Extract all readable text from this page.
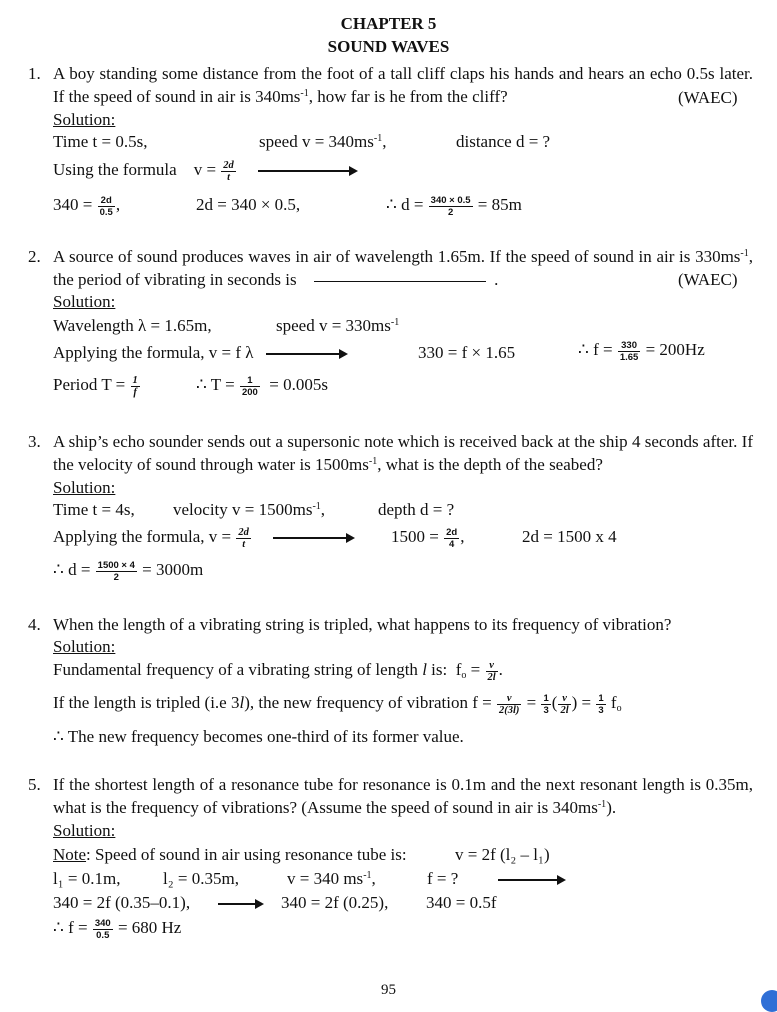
CHAPTER 5
SOUND WAVES
1. A boy standing some distance from the foot of a tall cliff claps his hands and hears an echo 0.5s later. If the speed of sound in air is $340ms^{-1}$, how far is he from the cliff?	(WAEC)
Solution:
Time t = 0.5s,	speed $v = 340ms^{-1}$,	distance d = ?
Using the formula $v = \frac{2d}{t}$

$340 = \frac{2d}{0.5}$ ,	2d = 340 × 0.5,	∴ $d = \frac{340 \times 0.5}{2} = 85m$
2. A source of sound produces waves in air of wavelength 1.65m. If the speed of sound in air is $330ms^{-1}$, the period of vibrating in seconds is	.	(WAEC)
Solution:
Wavelength λ = 1.65m,	speed $v = 330ms^{-1}$
Applying the formula, v = f λ	330 = f × 1.65	∴ $f = \frac{330}{1.65} = 200Hz$
Period $T = \frac{1}{f}$	∴ $T = \frac{1}{200} = 0.005s$
3. A ship’s echo sounder sends out a supersonic note which is received back at the ship 4 seconds after. If the velocity of sound through water is $1500ms^{-1}$, what is the depth of the seabed?
Solution:
Time t = 4s, velocity $v = 1500ms^{-1}$,	depth d = ?
Applying the formula, $v = \frac{2d}{t}$
	$1500 = \frac{2d}{4}$ ,	2d = 1500 x 4
∴ $d = \frac{1500 \times 4}{2} = 3000m$
4. When the length of a vibrating string is tripled, what happens to its frequency of vibration?
Solution:
Fundamental frequency of a vibrating string of length l is: $f_o = \frac{v}{2l}$ .
If the length is tripled (i.e 3l), the new frequency of vibration $f = \frac{v}{2(3l)} = \frac{1}{3}$ ( $\frac{v}{2l}$ ) = $\frac{1}{3} f_o$
∴ The new frequency becomes one-third of its former value.
5. If the shortest length of a resonance tube for resonance is 0.1m and the next resonant length is 0.35m, what is the frequency of vibrations? (Assume the speed of sound in air is $340ms^{-1}$).
Solution:
Note: Speed of sound in air using resonance tube is:	v = 2f (l₂ – l₁)
l₁ = 0.1m,	l₂ = 0.35m,	v = 340 $ms^{-1}$,	f = ?
340 = 2f (0.35–0.1),	340 = 2f (0.25), 340 = 0.5f
∴ $f = \frac{340}{0.5} = 680$ Hz
95
